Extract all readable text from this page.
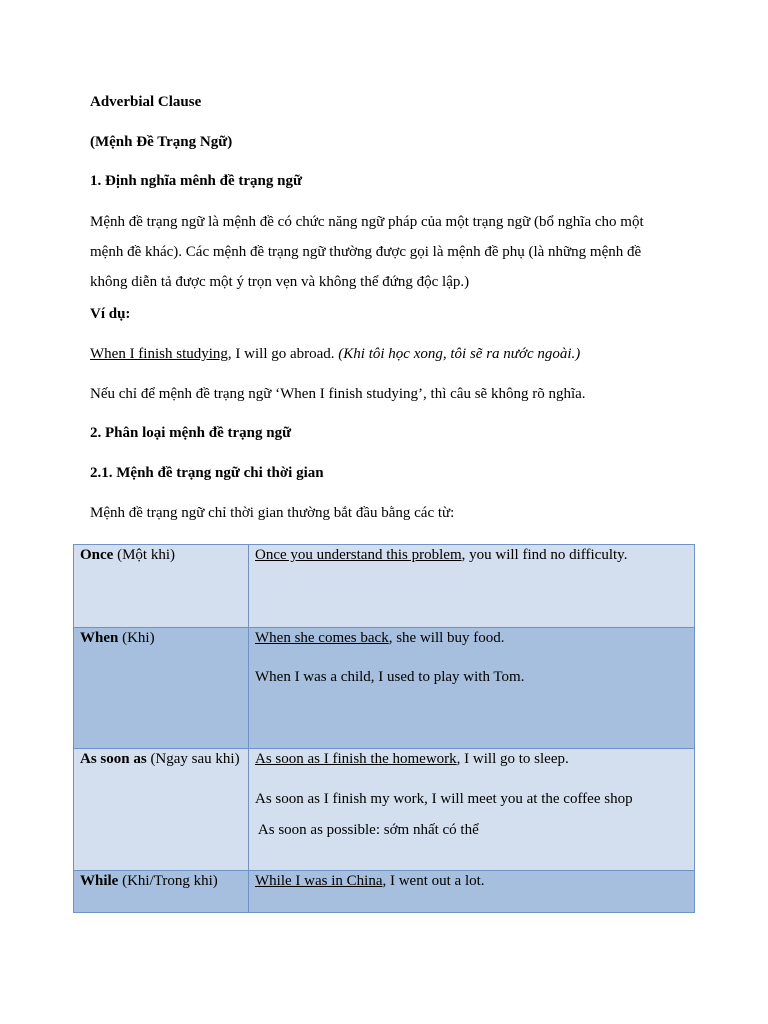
Adverbial Clause

(Mệnh Đề Trạng Ngữ)

1. Định nghĩa mênh đề trạng ngữ

Mệnh đề trạng ngữ là mệnh đề có chức năng ngữ pháp của một trạng ngữ (bổ nghĩa cho một mệnh đề khác). Các mệnh đề trạng ngữ thường được gọi là mệnh đề phụ (là những mệnh đề không diễn tả được một ý trọn vẹn và không thể đứng độc lập.)

Ví dụ:

When I finish studying, I will go abroad. (Khi tôi học xong, tôi sẽ ra nước ngoài.)

Nếu chỉ để mệnh đề trạng ngữ ‘When I finish studying’, thì câu sẽ không rõ nghĩa.

2. Phân loại mệnh đề trạng ngữ

2.1. Mệnh đề trạng ngữ chi thời gian

Mệnh đề trạng ngữ chỉ thời gian thường bắt đầu bằng các từ:

Once (Một khi)	Once you understand this problem, you will find no difficulty.

When (Khi)	When she comes back, she will buy food.
When I was a child, I used to play with Tom.

As soon as (Ngay sau khi)	As soon as I finish the homework, I will go to sleep.
As soon as I finish my work, I will meet you at the coffee shop
As soon as possible: sớm nhất có thể

While (Khi/Trong khi)	While I was in China, I went out a lot.
